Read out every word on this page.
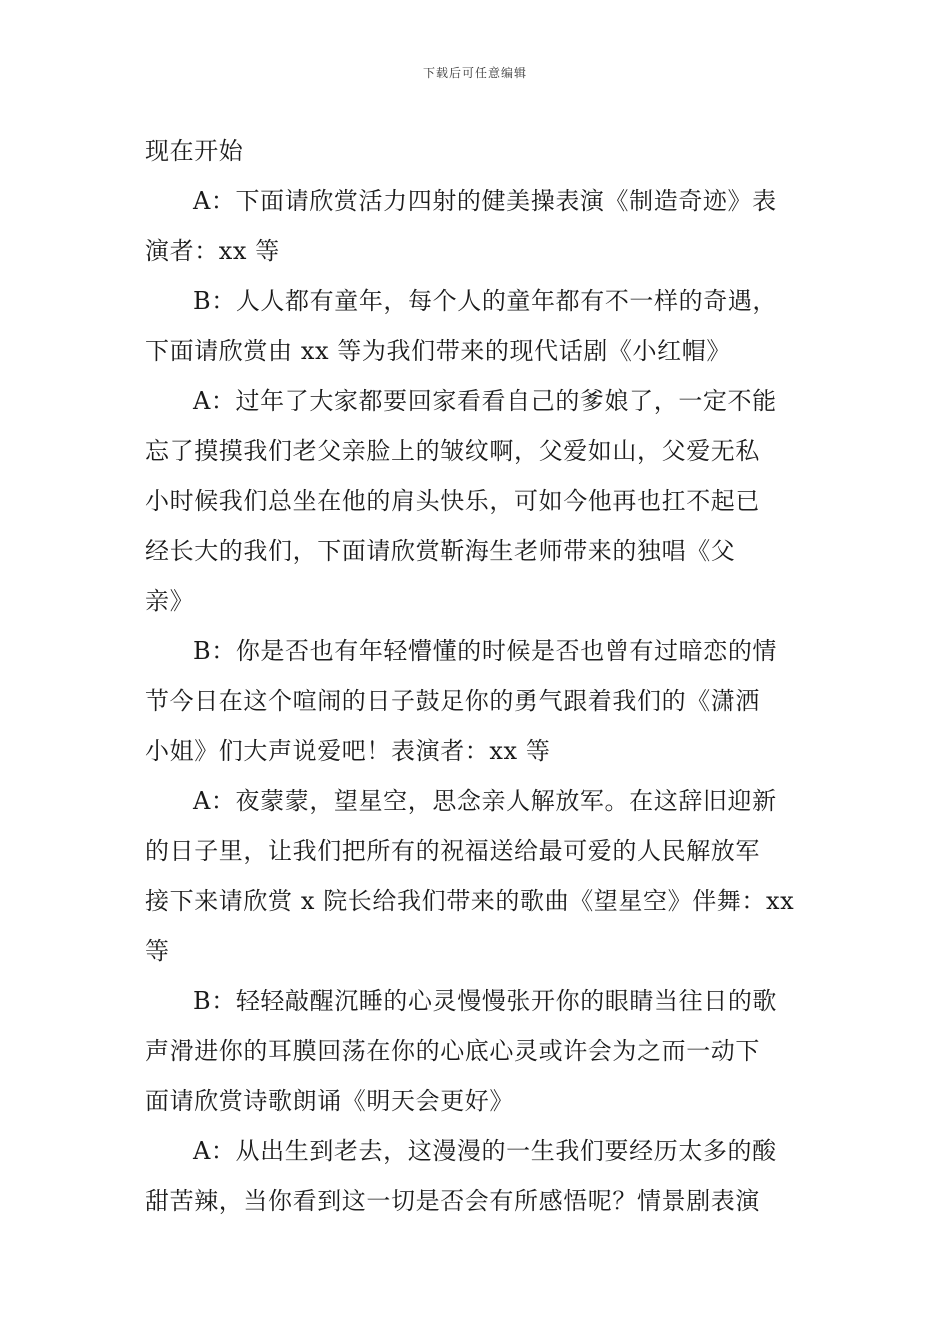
下载后可任意编辑
现在开始
A：下面请欣赏活力四射的健美操表演《制造奇迹》表
演者：xx 等
B：人人都有童年，每个人的童年都有不一样的奇遇，
下面请欣赏由 xx 等为我们带来的现代话剧《小红帽》
A：过年了大家都要回家看看自己的爹娘了，一定不能
忘了摸摸我们老父亲脸上的皱纹啊，父爱如山，父爱无私
小时候我们总坐在他的肩头快乐，可如今他再也扛不起已
经长大的我们，下面请欣赏靳海生老师带来的独唱《父
亲》
B：你是否也有年轻懵懂的时候是否也曾有过暗恋的情
节今日在这个喧闹的日子鼓足你的勇气跟着我们的《潇洒
小姐》们大声说爱吧！表演者：xx 等
A：夜蒙蒙，望星空，思念亲人解放军。在这辞旧迎新
的日子里，让我们把所有的祝福送给最可爱的人民解放军
接下来请欣赏 x 院长给我们带来的歌曲《望星空》伴舞：xx
等
B：轻轻敲醒沉睡的心灵慢慢张开你的眼睛当往日的歌
声滑进你的耳膜回荡在你的心底心灵或许会为之而一动下
面请欣赏诗歌朗诵《明天会更好》
A：从出生到老去，这漫漫的一生我们要经历太多的酸
甜苦辣，当你看到这一切是否会有所感悟呢？情景剧表演
